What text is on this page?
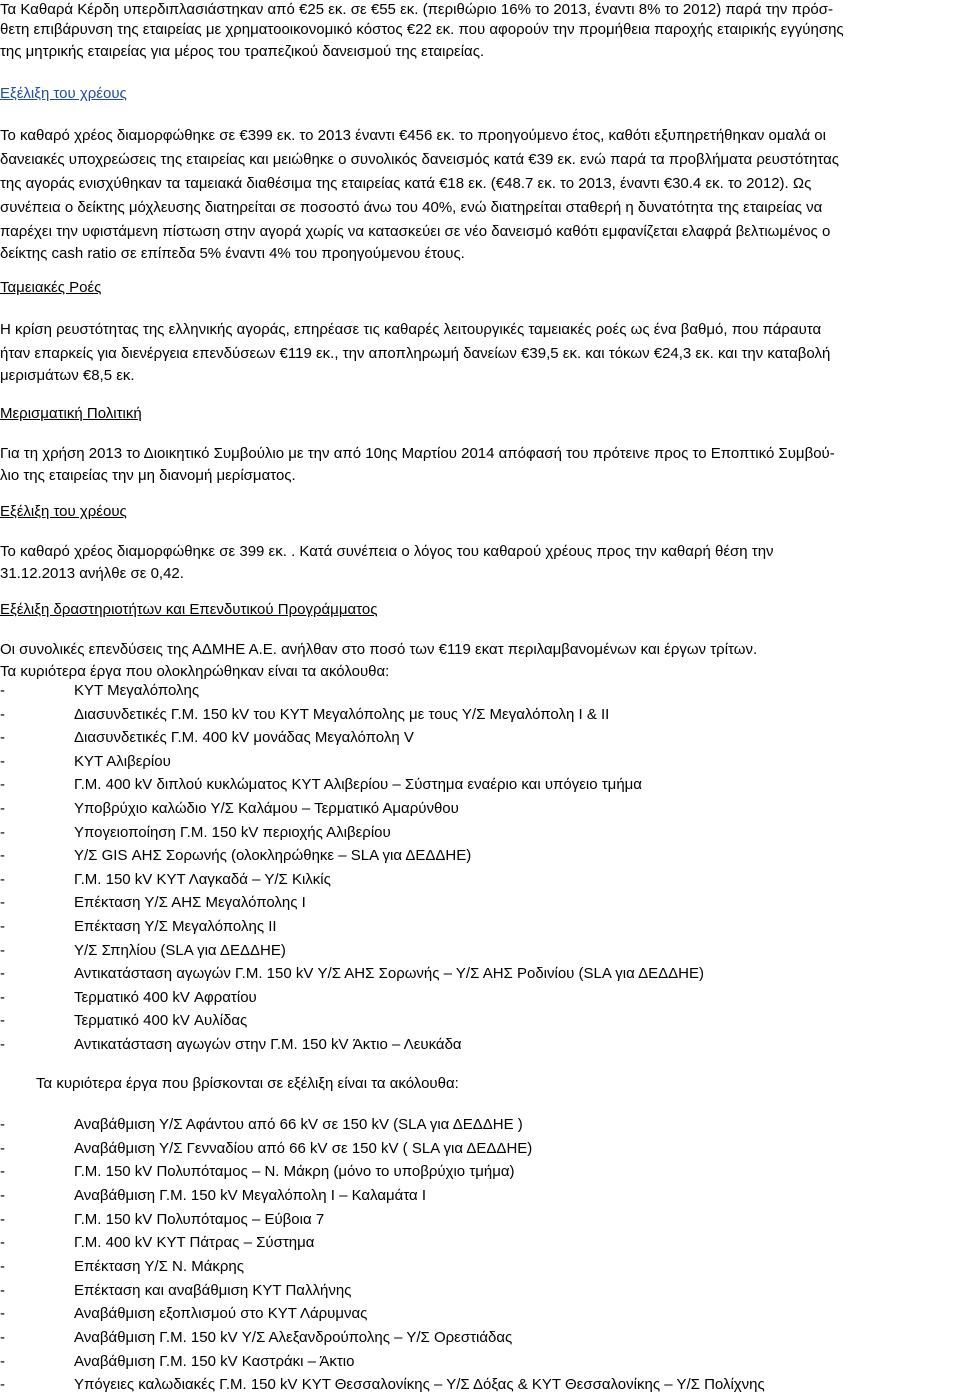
Τα Καθαρά Κέρδη υπερδιπλασιάστηκαν από €25 εκ. σε €55 εκ. (περιθώριο 16% το 2013, έναντι 8% το 2012) παρά την πρόσ-
θετη επιβάρυνση της εταιρείας με χρηματοοικονομικό κόστος €22 εκ. που αφορούν την προμήθεια παροχής εταιρικής εγγύησης
της μητρικής εταιρείας για μέρος του τραπεζικού δανεισμού της εταιρείας.
Εξέλιξη του χρέους
Το καθαρό χρέος διαμορφώθηκε σε €399 εκ. το 2013 έναντι €456 εκ. το προηγούμενο έτος, καθότι εξυπηρετήθηκαν ομαλά οι
δανειακές υποχρεώσεις της εταιρείας και μειώθηκε ο συνολικός δανεισμός κατά €39 εκ. ενώ παρά τα προβλήματα ρευστότητας
της αγοράς ενισχύθηκαν τα ταμειακά διαθέσιμα της εταιρείας κατά €18 εκ. (€48.7 εκ. το 2013, έναντι €30.4 εκ. το 2012). Ως
συνέπεια ο δείκτης μόχλευσης διατηρείται σε ποσοστό άνω του 40%, ενώ διατηρείται σταθερή η δυνατότητα της εταιρείας να
παρέχει την υφιστάμενη πίστωση στην αγορά χωρίς να κατασκεύει σε νέο δανεισμό καθότι εμφανίζεται ελαφρά βελτιωμένος ο
δείκτης cash ratio σε επίπεδα 5% έναντι 4% του προηγούμενου έτους.
Ταμειακές Ροές
Η κρίση ρευστότητας της ελληνικής αγοράς, επηρέασε τις καθαρές λειτουργικές ταμειακές ροές ως ένα βαθμό, που πάραυτα
ήταν επαρκείς για διενέργεια επενδύσεων €119 εκ., την αποπληρωμή δανείων €39,5 εκ. και τόκων €24,3 εκ. και την καταβολή
μερισμάτων €8,5 εκ.
Μερισματική Πολιτική
Για τη χρήση 2013 το Διοικητικό Συμβούλιο με την από 10ης Μαρτίου 2014 απόφασή του πρότεινε προς το Εποπτικό Συμβού-
λιο της εταιρείας την μη διανομή μερίσματος.
Εξέλιξη του χρέους
Το καθαρό χρέος διαμορφώθηκε σε 399 εκ. . Κατά συνέπεια ο λόγος του καθαρού χρέους προς την καθαρή θέση την
31.12.2013 ανήλθε σε 0,42.
Εξέλιξη δραστηριοτήτων και Επενδυτικού Προγράμματος
Οι συνολικές επενδύσεις της ΑΔΜΗΕ Α.Ε. ανήλθαν στο ποσό των €119 εκατ περιλαμβανομένων και έργων τρίτων.
Τα κυριότερα έργα που ολοκληρώθηκαν είναι τα ακόλουθα:
-	ΚΥΤ Μεγαλόπολης
-	Διασυνδετικές Γ.Μ. 150 kV του ΚΥΤ Μεγαλόπολης με τους Υ/Σ Μεγαλόπολη Ι & ΙΙ
-	Διασυνδετικές Γ.Μ. 400 kV μονάδας Μεγαλόπολη V
-	ΚΥΤ Αλιβερίου
-	Γ.Μ. 400 kV διπλού κυκλώματος ΚΥΤ Αλιβερίου – Σύστημα εναέριο και υπόγειο τμήμα
-	Υποβρύχιο καλώδιο Υ/Σ Καλάμου – Τερματικό Αμαρύνθου
-	Υπογειοποίηση Γ.Μ. 150 kV περιοχής Αλιβερίου
-	Υ/Σ GIS ΑΗΣ Σορωνής (ολοκληρώθηκε – SLA για ΔΕΔΔΗΕ)
-	Γ.Μ. 150 kV ΚΥΤ Λαγκαδά – Υ/Σ Κιλκίς
-	Επέκταση Υ/Σ ΑΗΣ Μεγαλόπολης Ι
-	Επέκταση Υ/Σ Μεγαλόπολης ΙΙ
-	Υ/Σ Σπηλίου (SLA για ΔΕΔΔΗΕ)
-	Αντικατάσταση αγωγών Γ.Μ. 150 kV Υ/Σ ΑΗΣ Σορωνής – Υ/Σ ΑΗΣ Ροδινίου (SLA για ΔΕΔΔΗΕ)
-	Τερματικό 400 kV Αφρατίου
-	Τερματικό 400 kV Αυλίδας
-	Αντικατάσταση αγωγών στην Γ.Μ. 150 kV Άκτιο – Λευκάδα
Τα κυριότερα έργα που βρίσκονται σε εξέλιξη είναι τα ακόλουθα:
-	Αναβάθμιση Υ/Σ Αφάντου από 66 kV σε 150 kV (SLA για ΔΕΔΔΗΕ )
-	Αναβάθμιση Υ/Σ Γενναδίου από 66 kV σε 150 kV ( SLA για ΔΕΔΔΗΕ)
-	Γ.Μ. 150 kV Πολυπόταμος – Ν. Μάκρη (μόνο το υποβρύχιο τμήμα)
-	Αναβάθμιση Γ.Μ. 150 kV Μεγαλόπολη Ι – Καλαμάτα Ι
-	Γ.Μ. 150 kV Πολυπόταμος – Εύβοια 7
-	Γ.Μ. 400 kV ΚΥΤ Πάτρας – Σύστημα
-	Επέκταση Υ/Σ Ν. Μάκρης
-	Επέκταση και αναβάθμιση ΚΥΤ Παλλήνης
-	Αναβάθμιση εξοπλισμού στο ΚΥΤ Λάρυμνας
-	Αναβάθμιση Γ.Μ. 150 kV Υ/Σ Αλεξανδρούπολης – Υ/Σ Ορεστιάδας
-	Αναβάθμιση Γ.Μ. 150 kV Καστράκι – Άκτιο
-	Υπόγειες καλωδιακές Γ.Μ. 150 kV ΚΥΤ Θεσσαλονίκης – Υ/Σ Δόξας & ΚΥΤ Θεσσαλονίκης – Υ/Σ Πολίχνης
